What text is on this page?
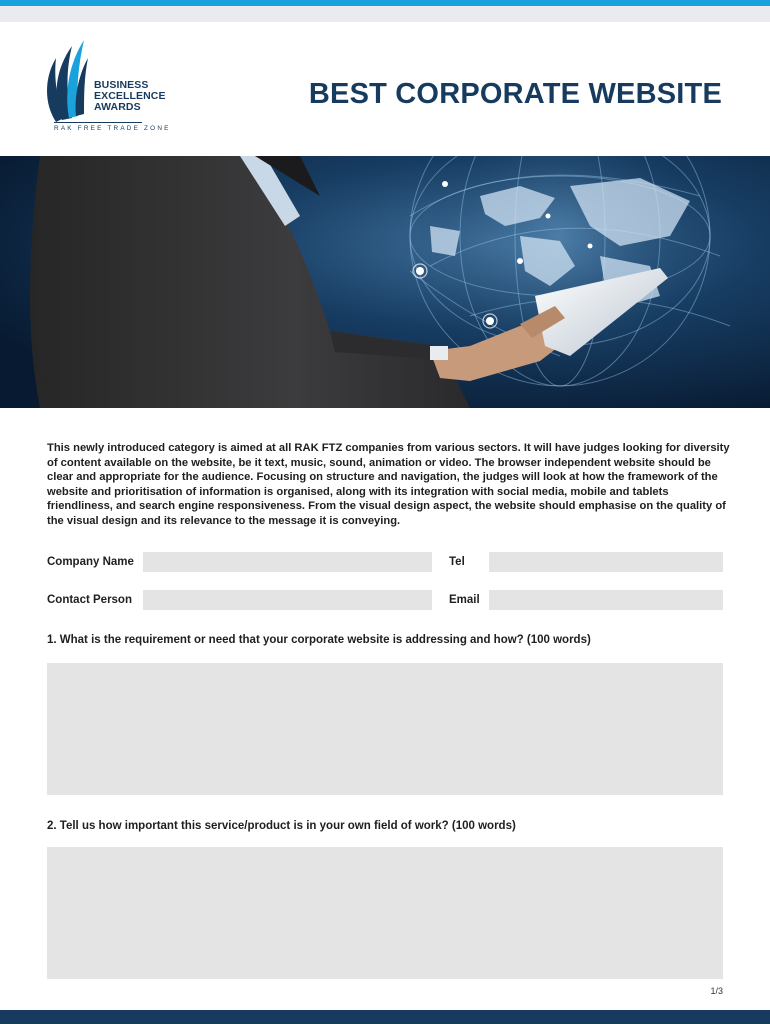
BUSINESS
EXCELLENCE
AWARDS
RAK FREE TRADE ZONE
BEST CORPORATE WEBSITE

This newly introduced category is aimed at all RAK FTZ companies from various sectors. It will have judges looking for diversity of content available on the website, be it text, music, sound, animation or video. The browser independent website should be clear and appropriate for the audience. Focusing on structure and navigation, the judges will look at how the framework of the website and prioritisation of information is organised, along with its integration with social media, mobile and tablets friendliness, and search engine responsiveness. From the visual design aspect, the website should emphasise on the quality of the visual design and its relevance to the message it is conveying.

Company Name	Tel
Contact Person	Email
1. What is the requirement or need that your corporate website is addressing and how? (100 words)
2. Tell us how important this service/product is in your own field of work? (100 words)
1/3
